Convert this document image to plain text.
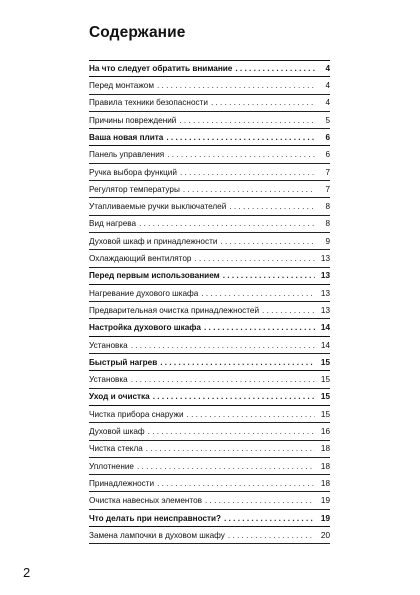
Содержание
На что следует обратить внимание . . .	4
Перед монтажом . . .	4
Правила техники безопасности . . .	4
Причины повреждений . . .	5
Ваша новая плита . . .	6
Панель управления . . .	6
Ручка выбора функций . . .	7
Регулятор температуры . . .	7
Утапливаемые ручки выключателей . . .	8
Вид нагрева . . .	8
Духовой шкаф и принадлежности . . .	9
Охлаждающий вентилятор . . .	13
Перед первым использованием . . .	13
Нагревание духового шкафа . . .	13
Предварительная очистка принадлежностей . . .	13
Настройка духового шкафа . . .	14
Установка . . .	14
Быстрый нагрев . . .	15
Установка . . .	15
Уход и очистка . . .	15
Чистка прибора снаружи . . .	15
Духовой шкаф . . .	16
Чистка стекла . . .	18
Уплотнение . . .	18
Принадлежности . . .	18
Очистка навесных элементов . . .	19
Что делать при неисправности? . . .	19
Замена лампочки в духовом шкафу . . .	20
2
